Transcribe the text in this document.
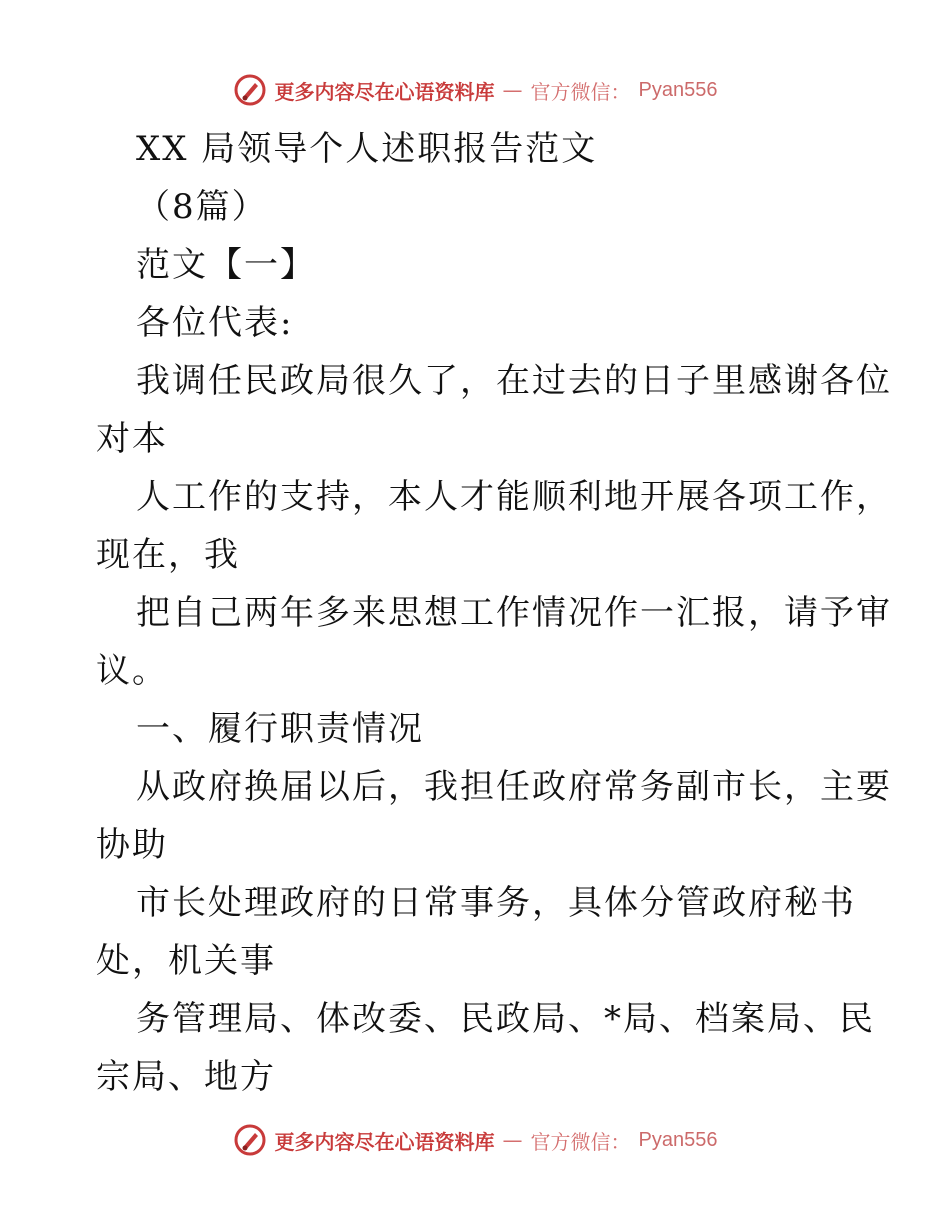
更多内容尽在心语资料库 — 官方微信： Pyan556
XX 局领导个人述职报告范文
（8篇）
范文【一】
各位代表:
我调任民政局很久了，在过去的日子里感谢各位
对本
人工作的支持，本人才能顺利地开展各项工作，
现在，我
把自己两年多来思想工作情况作一汇报，请予审
议。
一、履行职责情况
从政府换届以后，我担任政府常务副市长，主要
协助
市长处理政府的日常事务，具体分管政府秘书
处，机关事
务管理局、体改委、民政局、*局、档案局、民
宗局、地方
更多内容尽在心语资料库 — 官方微信： Pyan556
